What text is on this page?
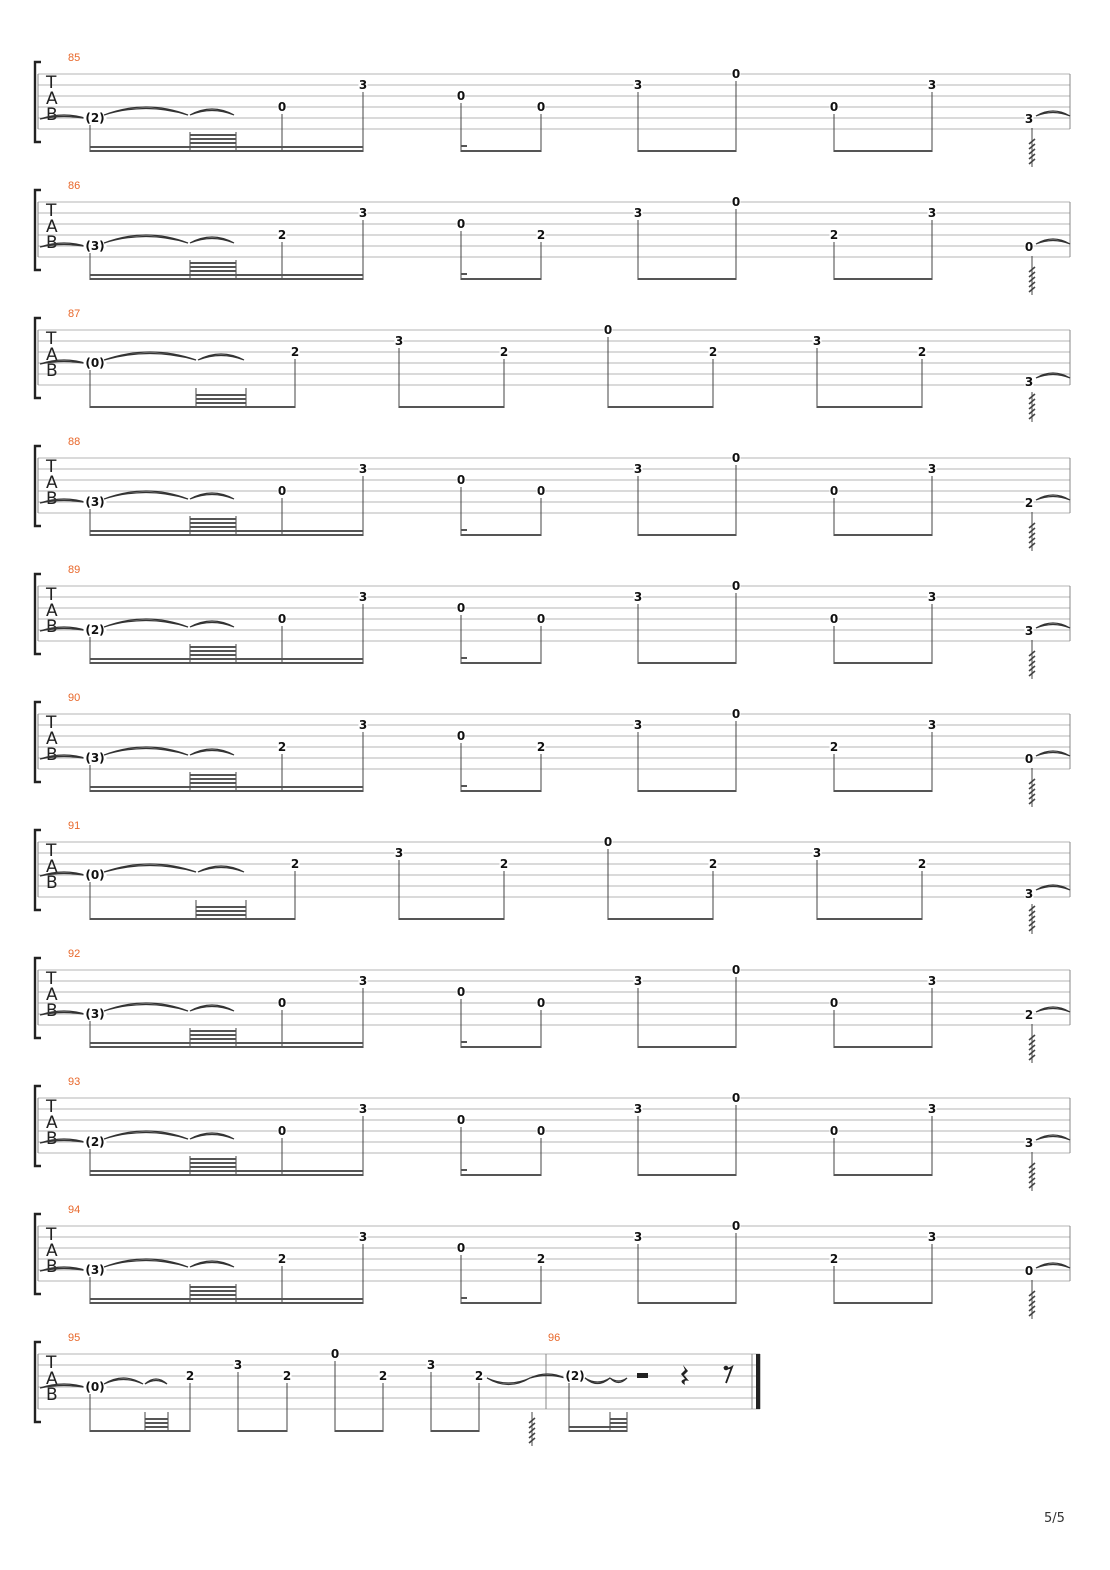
85
T
A
B (2)
0
3
0
0
3
0
0
3
3
86
T
A
B (3)
2
3
0
2
3
0
2
3
0
87
T
A
B (0)
2
3
2
0
2
3
2
3
88
T
A
B (3)
0
3
0
0
3
0
0
3
2
89
T
A
B (2)
0
3
0
0
3
0
0
3
3
90
T
A
B (3)
2
3
0
2
3
0
2
3
0
91
T
A
B (0)
2
3
2
0
2
3
2
3
92
T
A
B (3)
0
3
0
0
3
0
0
3
2
93
T
A
B (2)
0
3
0
0
3
0
0
3
3
94
T
A
B (3)
2
3
0
2
3
0
2
3
0
95	96
T
A
B (0)
2
3
2
0
2
3
2	(2)
5/5
